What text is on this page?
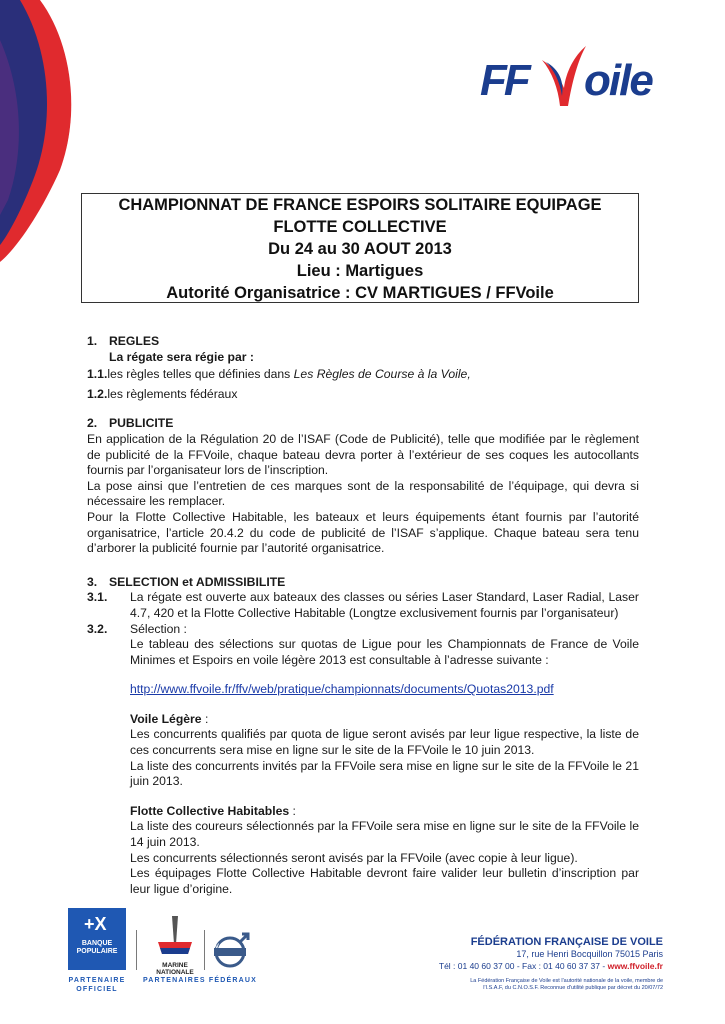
FF oile
CHAMPIONNAT DE FRANCE ESPOIRS SOLITAIRE EQUIPAGE
FLOTTE COLLECTIVE
Du 24 au 30 AOUT 2013
Lieu : Martigues
Autorité Organisatrice : CV MARTIGUES / FFVoile

1. REGLES

La régate sera régie par :

1.1.les règles telles que définies dans Les Règles de Course à la Voile,

1.2.les règlements fédéraux

2. PUBLICITE

En application de la Régulation 20 de l’ISAF (Code de Publicité), telle que modifiée par le règlement de publicité de la FFVoile, chaque bateau devra porter à l’extérieur de ses coques les autocollants fournis par l’organisateur lors de l’inscription.

La pose ainsi que l’entretien de ces marques sont de la responsabilité de l’équipage, qui devra si nécessaire les remplacer.

Pour la Flotte Collective Habitable, les bateaux et leurs équipements étant fournis par l’autorité organisatrice, l’article 20.4.2 du code de publicité de l’ISAF s’applique. Chaque bateau sera tenu d’arborer la publicité fournie par l’autorité organisatrice.

3. SELECTION et ADMISSIBILITE

3.1. La régate est ouverte aux bateaux des classes ou séries Laser Standard, Laser Radial, Laser 4.7, 420 et la Flotte Collective Habitable (Longtze exclusivement fournis par l’organisateur)
3.2. Sélection :

Le tableau des sélections sur quotas de Ligue pour les Championnats de France de Voile Minimes et Espoirs en voile légère 2013 est consultable à l’adresse suivante :

http://www.ffvoile.fr/ffv/web/pratique/championnats/documents/Quotas2013.pdf

Voile Légère :

Les concurrents qualifiés par quota de ligue seront avisés par leur ligue respective, la liste de ces concurrents sera mise en ligne sur le site de la FFVoile le 10 juin 2013.

La liste des concurrents invités par la FFVoile sera mise en ligne sur le site de la FFVoile le 21 juin 2013.

Flotte Collective Habitables :

La liste des coureurs sélectionnés par la FFVoile sera mise en ligne sur le site de la FFVoile le 14 juin 2013.

Les concurrents sélectionnés seront avisés par la FFVoile (avec copie à leur ligue).

Les équipages Flotte Collective Habitable devront faire valider leur bulletin d’inscription par leur ligue d’origine.

+X
BANQUE POPULAIRE
PARTENAIRE OFFICIEL
MARINE NATIONALE
VOLVO
PARTENAIRES FÉDÉRAUX
FÉDÉRATION FRANÇAISE DE VOILE
17, rue Henri Bocquillon 75015 Paris
Tél : 01 40 60 37 00 - Fax : 01 40 60 37 37 - www.ffvoile.fr
La Fédération Française de Voile est l'autorité nationale de la voile, membre de l'I.S.A.F, du C.N.O.S.F. Reconnue d'utilité publique par décret du 20/07/72
